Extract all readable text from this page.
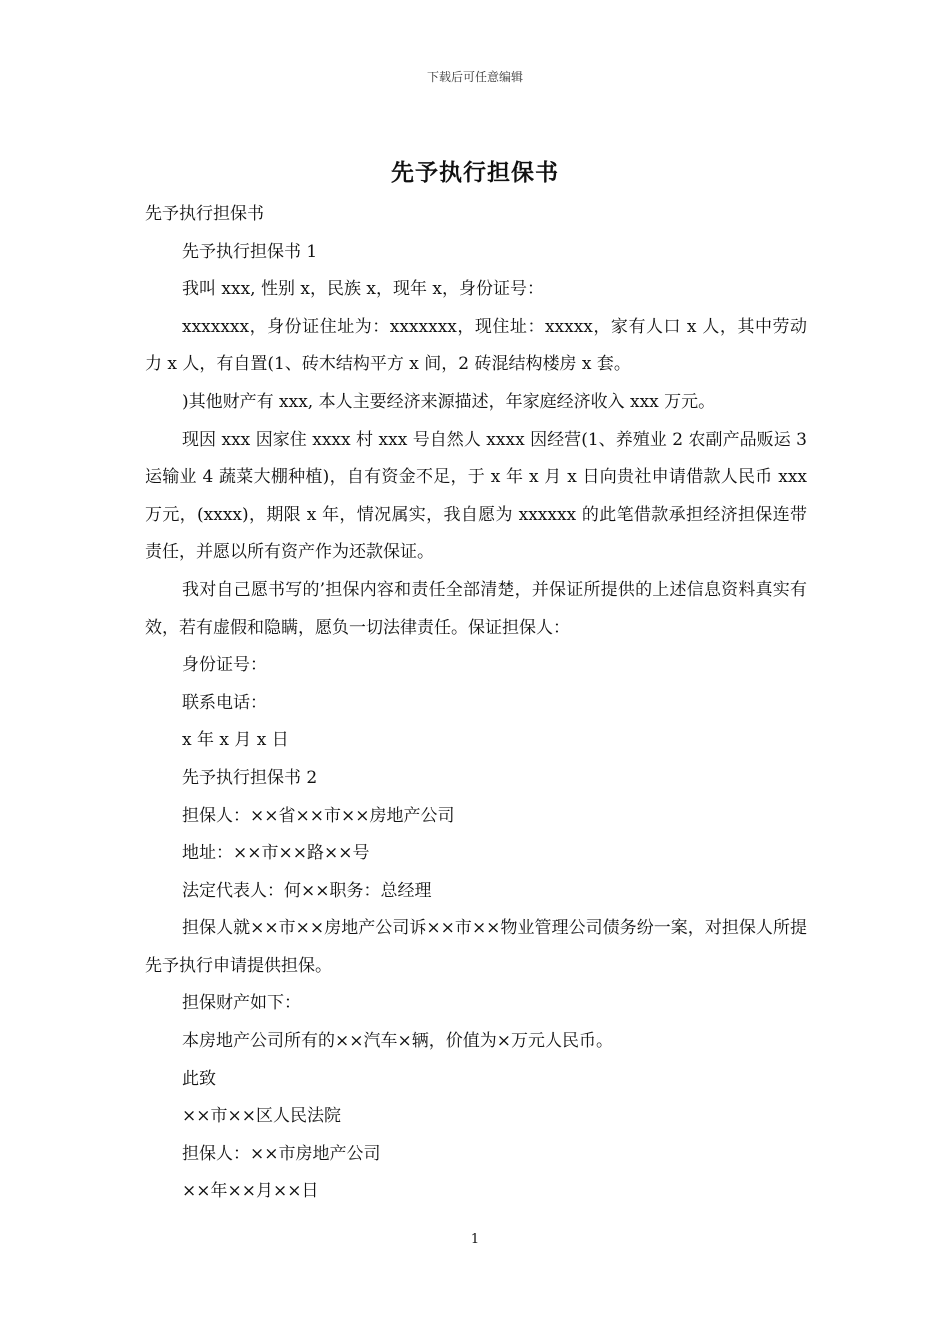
下载后可任意编辑
先予执行担保书

先予执行担保书

先予执行担保书 1

我叫 xxx, 性别 x，民族 x，现年 x，身份证号：

xxxxxxx，身份证住址为：xxxxxxx，现住址：xxxxx，家有人口 x 人，其中劳动力 x 人，有自置(1、砖木结构平方 x 间，2 砖混结构楼房 x 套。

)其他财产有 xxx, 本人主要经济来源描述，年家庭经济收入 xxx 万元。

现因 xxx 因家住 xxxx 村 xxx 号自然人 xxxx 因经营(1、养殖业 2 农副产品贩运 3 运输业 4 蔬菜大棚种植)，自有资金不足，于 x 年 x 月 x 日向贵社申请借款人民币 xxx 万元，(xxxx)，期限 x 年，情况属实，我自愿为 xxxxxx 的此笔借款承担经济担保连带责任，并愿以所有资产作为还款保证。

我对自己愿书写的’担保内容和责任全部清楚，并保证所提供的上述信息资料真实有效，若有虚假和隐瞒，愿负一切法律责任。保证担保人：

身份证号：

联系电话：

x 年 x 月 x 日

先予执行担保书 2

担保人：××省××市××房地产公司

地址：××市××路××号

法定代表人：何××职务：总经理

担保人就××市××房地产公司诉××市××物业管理公司债务纷一案，对担保人所提先予执行申请提供担保。

担保财产如下：

本房地产公司所有的××汽车×辆，价值为×万元人民币。

此致

××市××区人民法院

担保人：××市房地产公司

××年××月××日

1
